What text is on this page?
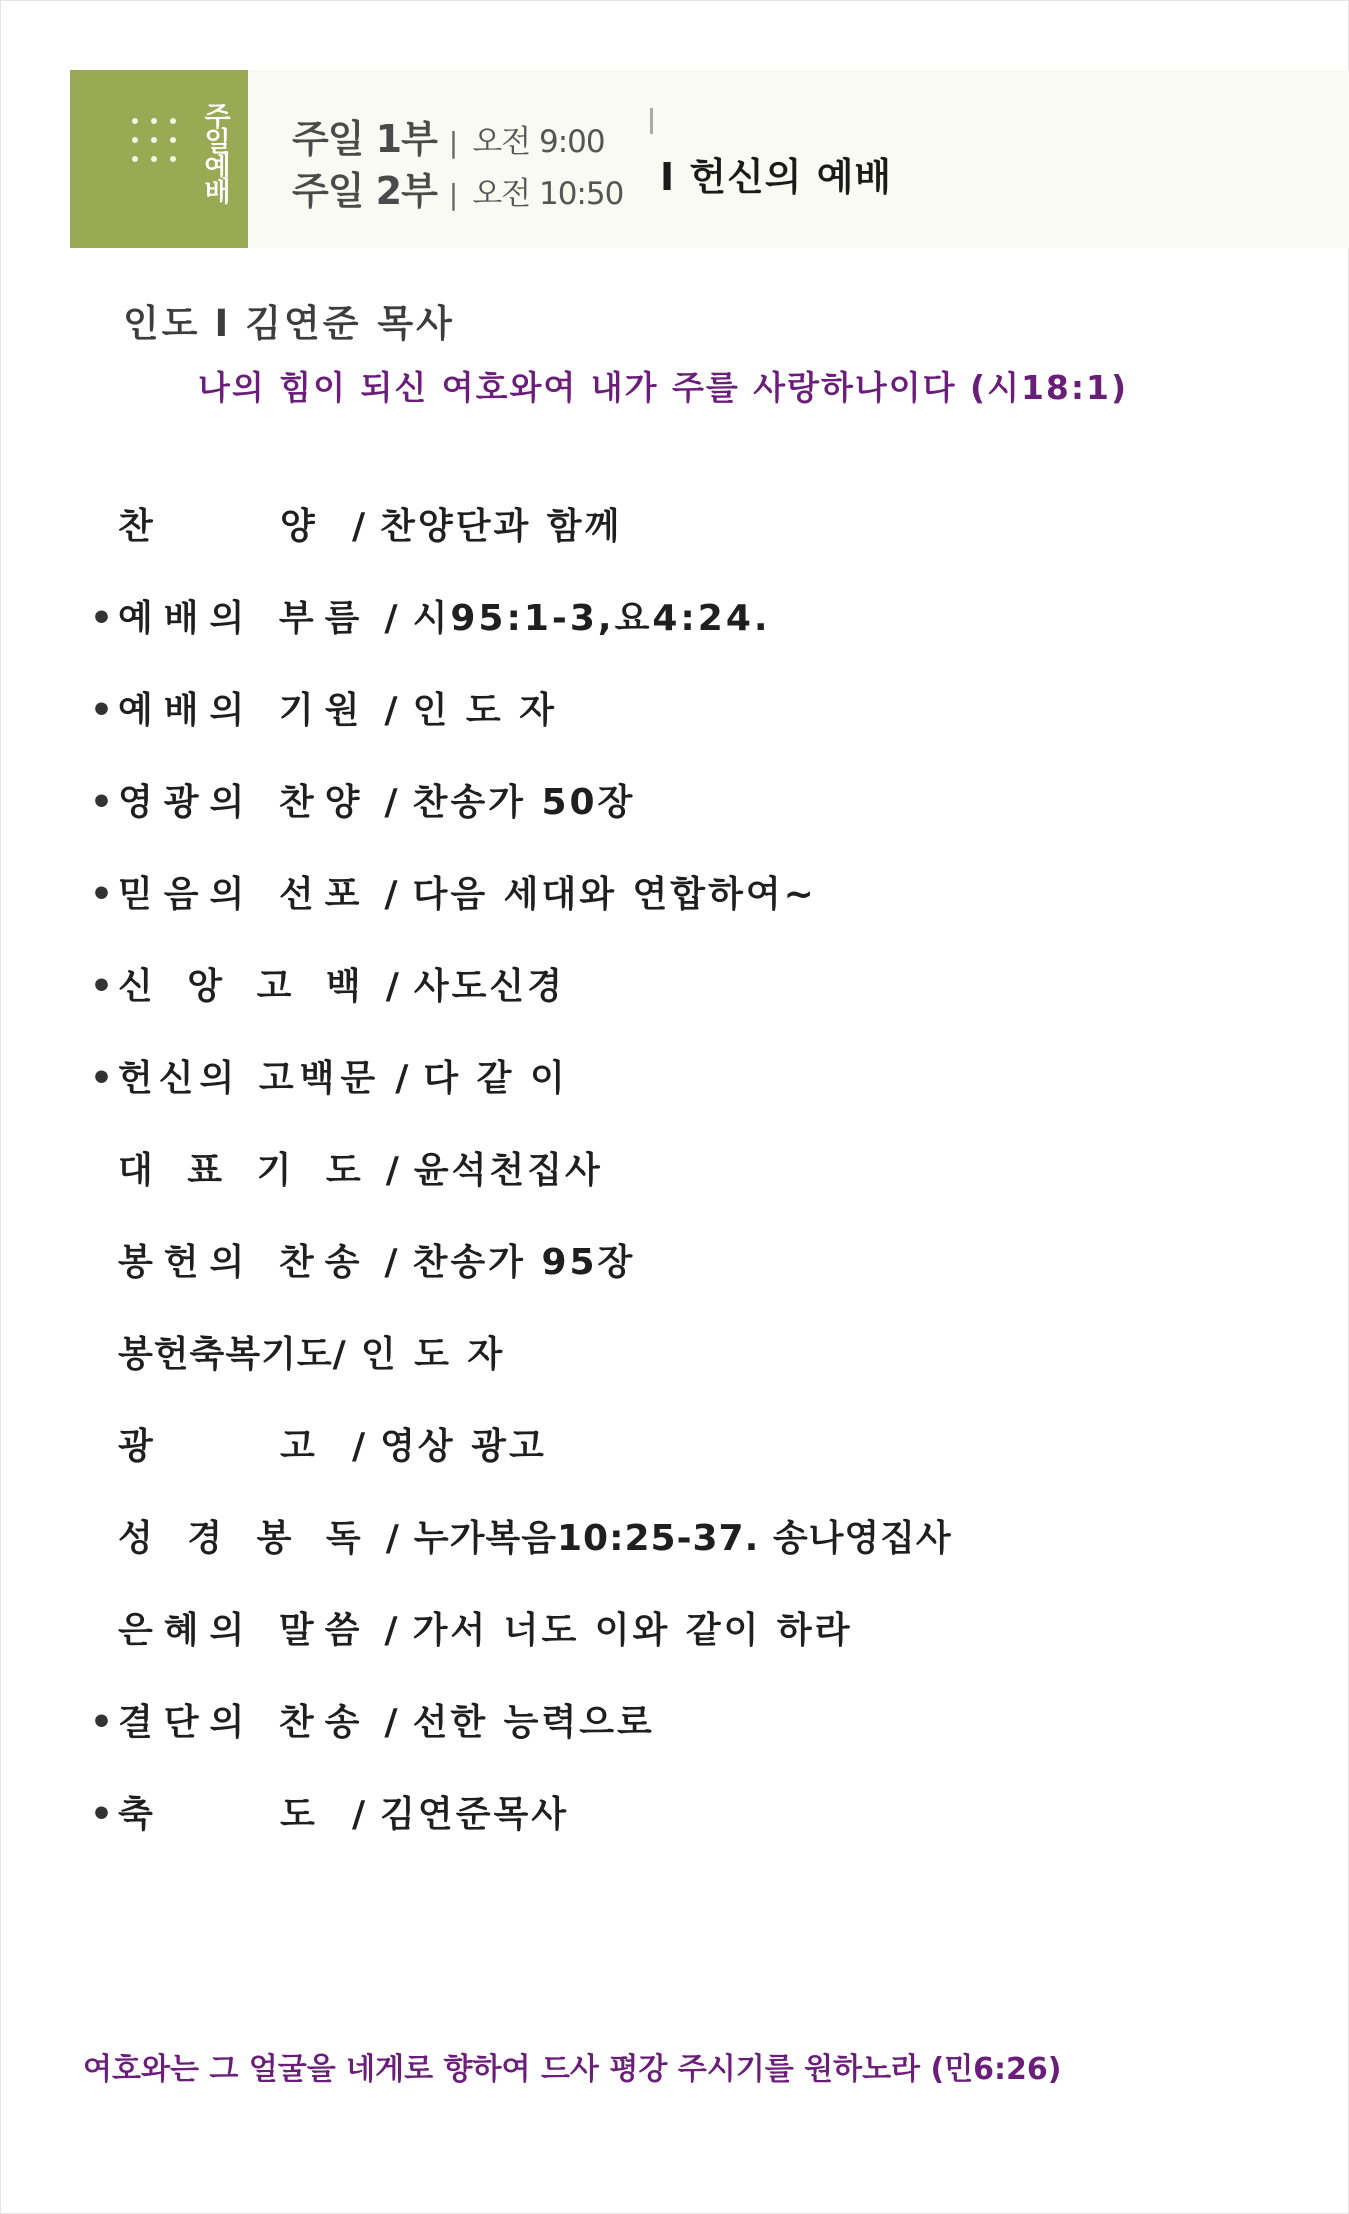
주일예배 주일 1부 | 오전 9:00
주일 2부 | 오전 10:50 I 헌신의 예배
인도 I 김연준 목사
나의 힘이 되신 여호와여 내가 주를 사랑하나이다 (시18:1)
찬        양 / 찬양단과 함께
•예배의 부름 / 시95:1-3,요4:24.
•예배의 기원 / 인 도 자
•영광의 찬양 / 찬송가 50장
•믿음의 선포 / 다음 세대와 연합하여~
•신 앙 고 백 / 사도신경
•헌신의 고백문 / 다 같 이
대 표 기 도 / 윤석천집사
봉헌의 찬송 / 찬송가 95장
봉헌축복기도/ 인 도 자
광        고 / 영상 광고
성 경 봉 독 / 누가복음10:25-37. 송나영집사
은혜의 말씀 / 가서 너도 이와 같이 하라
•결단의 찬송 / 선한 능력으로
•축        도 / 김연준목사
여호와는 그 얼굴을 네게로 향하여 드사 평강 주시기를 원하노라 (민6:26)
